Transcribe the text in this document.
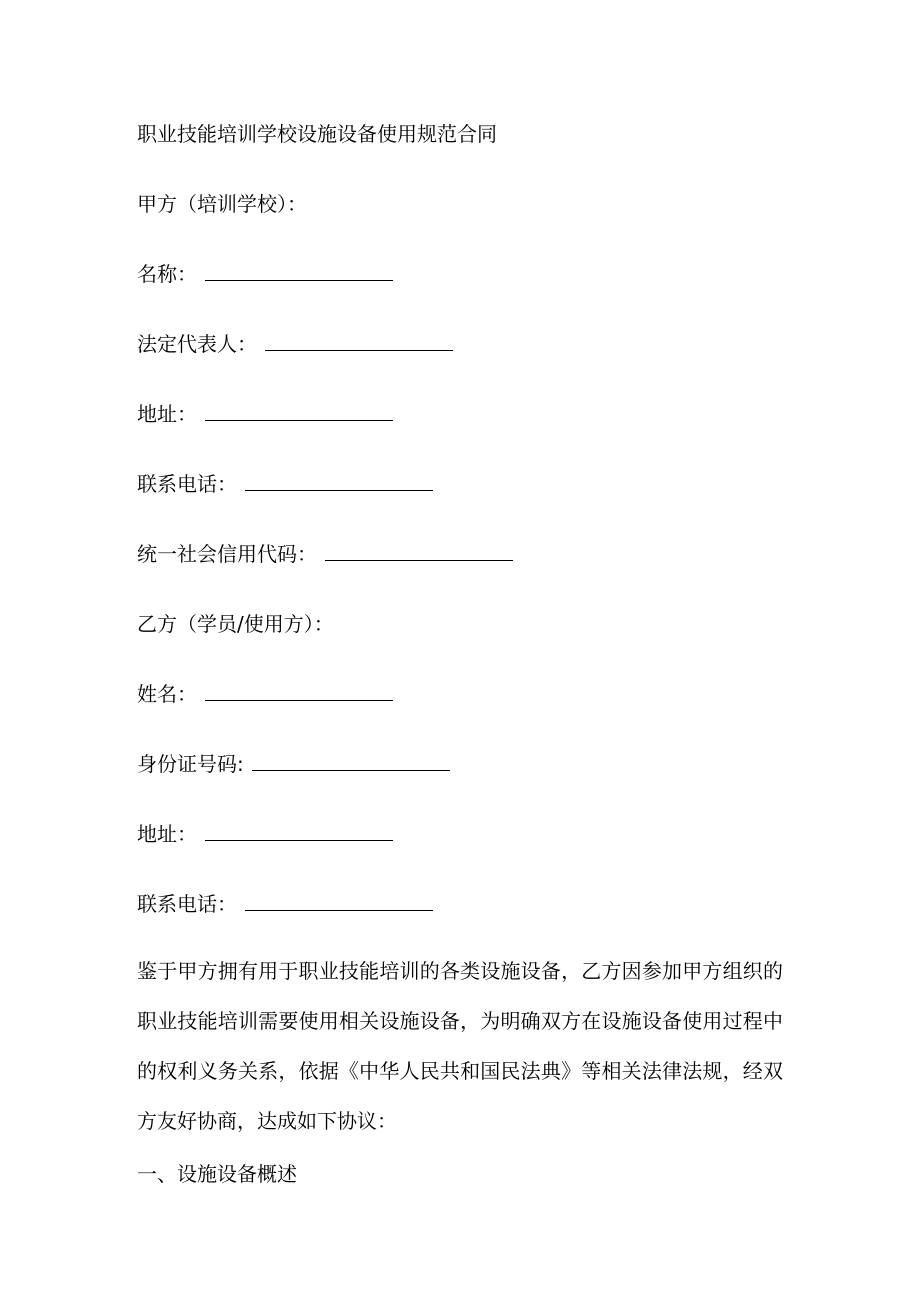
职业技能培训学校设施设备使用规范合同
甲方（培训学校）：
名称：
法定代表人：
地址：
联系电话：
统一社会信用代码：
乙方（学员/使用方）：
姓名：
身份证号码:
地址：
联系电话：
鉴于甲方拥有用于职业技能培训的各类设施设备，乙方因参加甲方组织的职业技能培训需要使用相关设施设备，为明确双方在设施设备使用过程中的权利义务关系，依据《中华人民共和国民法典》等相关法律法规，经双方友好协商，达成如下协议：
一、设施设备概述
